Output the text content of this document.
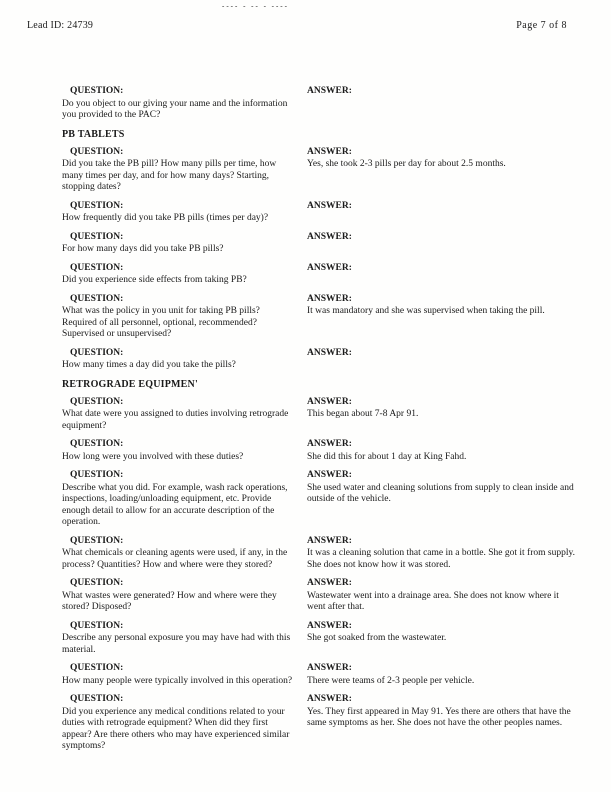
---- - -- - ----
Lead ID: 24739	Page 7 of 8
QUESTION:
Do you object to our giving your name and the information you provided to the PAC?
ANSWER:
PB TABLETS
QUESTION:
Did you take the PB pill? How many pills per time, how many times per day, and for how many days? Starting, stopping dates?
ANSWER:
Yes, she took 2-3 pills per day for about 2.5 months.
QUESTION:
How frequently did you take PB pills (times per day)?
ANSWER:
QUESTION:
For how many days did you take PB pills?
ANSWER:
QUESTION:
Did you experience side effects from taking PB?
ANSWER:
QUESTION:
What was the policy in you unit for taking PB pills? Required of all personnel, optional, recommended? Supervised or unsupervised?
ANSWER:
It was mandatory and she was supervised when taking the pill.
QUESTION:
How many times a day did you take the pills?
ANSWER:
RETROGRADE EQUIPMEN'
QUESTION:
What date were you assigned to duties involving retrograde equipment?
ANSWER:
This began about 7-8 Apr 91.
QUESTION:
How long were you involved with these duties?
ANSWER:
She did this for about 1 day at King Fahd.
QUESTION:
Describe what you did. For example, wash rack operations, inspections, loading/unloading equipment, etc. Provide enough detail to allow for an accurate description of the operation.
ANSWER:
She used water and cleaning solutions from supply to clean inside and outside of the vehicle.
QUESTION:
What chemicals or cleaning agents were used, if any, in the process? Quantities? How and where were they stored?
ANSWER:
It was a cleaning solution that came in a bottle. She got it from supply. She does not know how it was stored.
QUESTION:
What wastes were generated? How and where were they stored? Disposed?
ANSWER:
Wastewater went into a drainage area. She does not know where it went after that.
QUESTION:
Describe any personal exposure you may have had with this material.
ANSWER:
She got soaked from the wastewater.
QUESTION:
How many people were typically involved in this operation?
ANSWER:
There were teams of 2-3 people per vehicle.
QUESTION:
Did you experience any medical conditions related to your duties with retrograde equipment? When did they first appear? Are there others who may have experienced similar symptoms?
ANSWER:
Yes. They first appeared in May 91. Yes there are others that have the same symptoms as her. She does not have the other peoples names.
